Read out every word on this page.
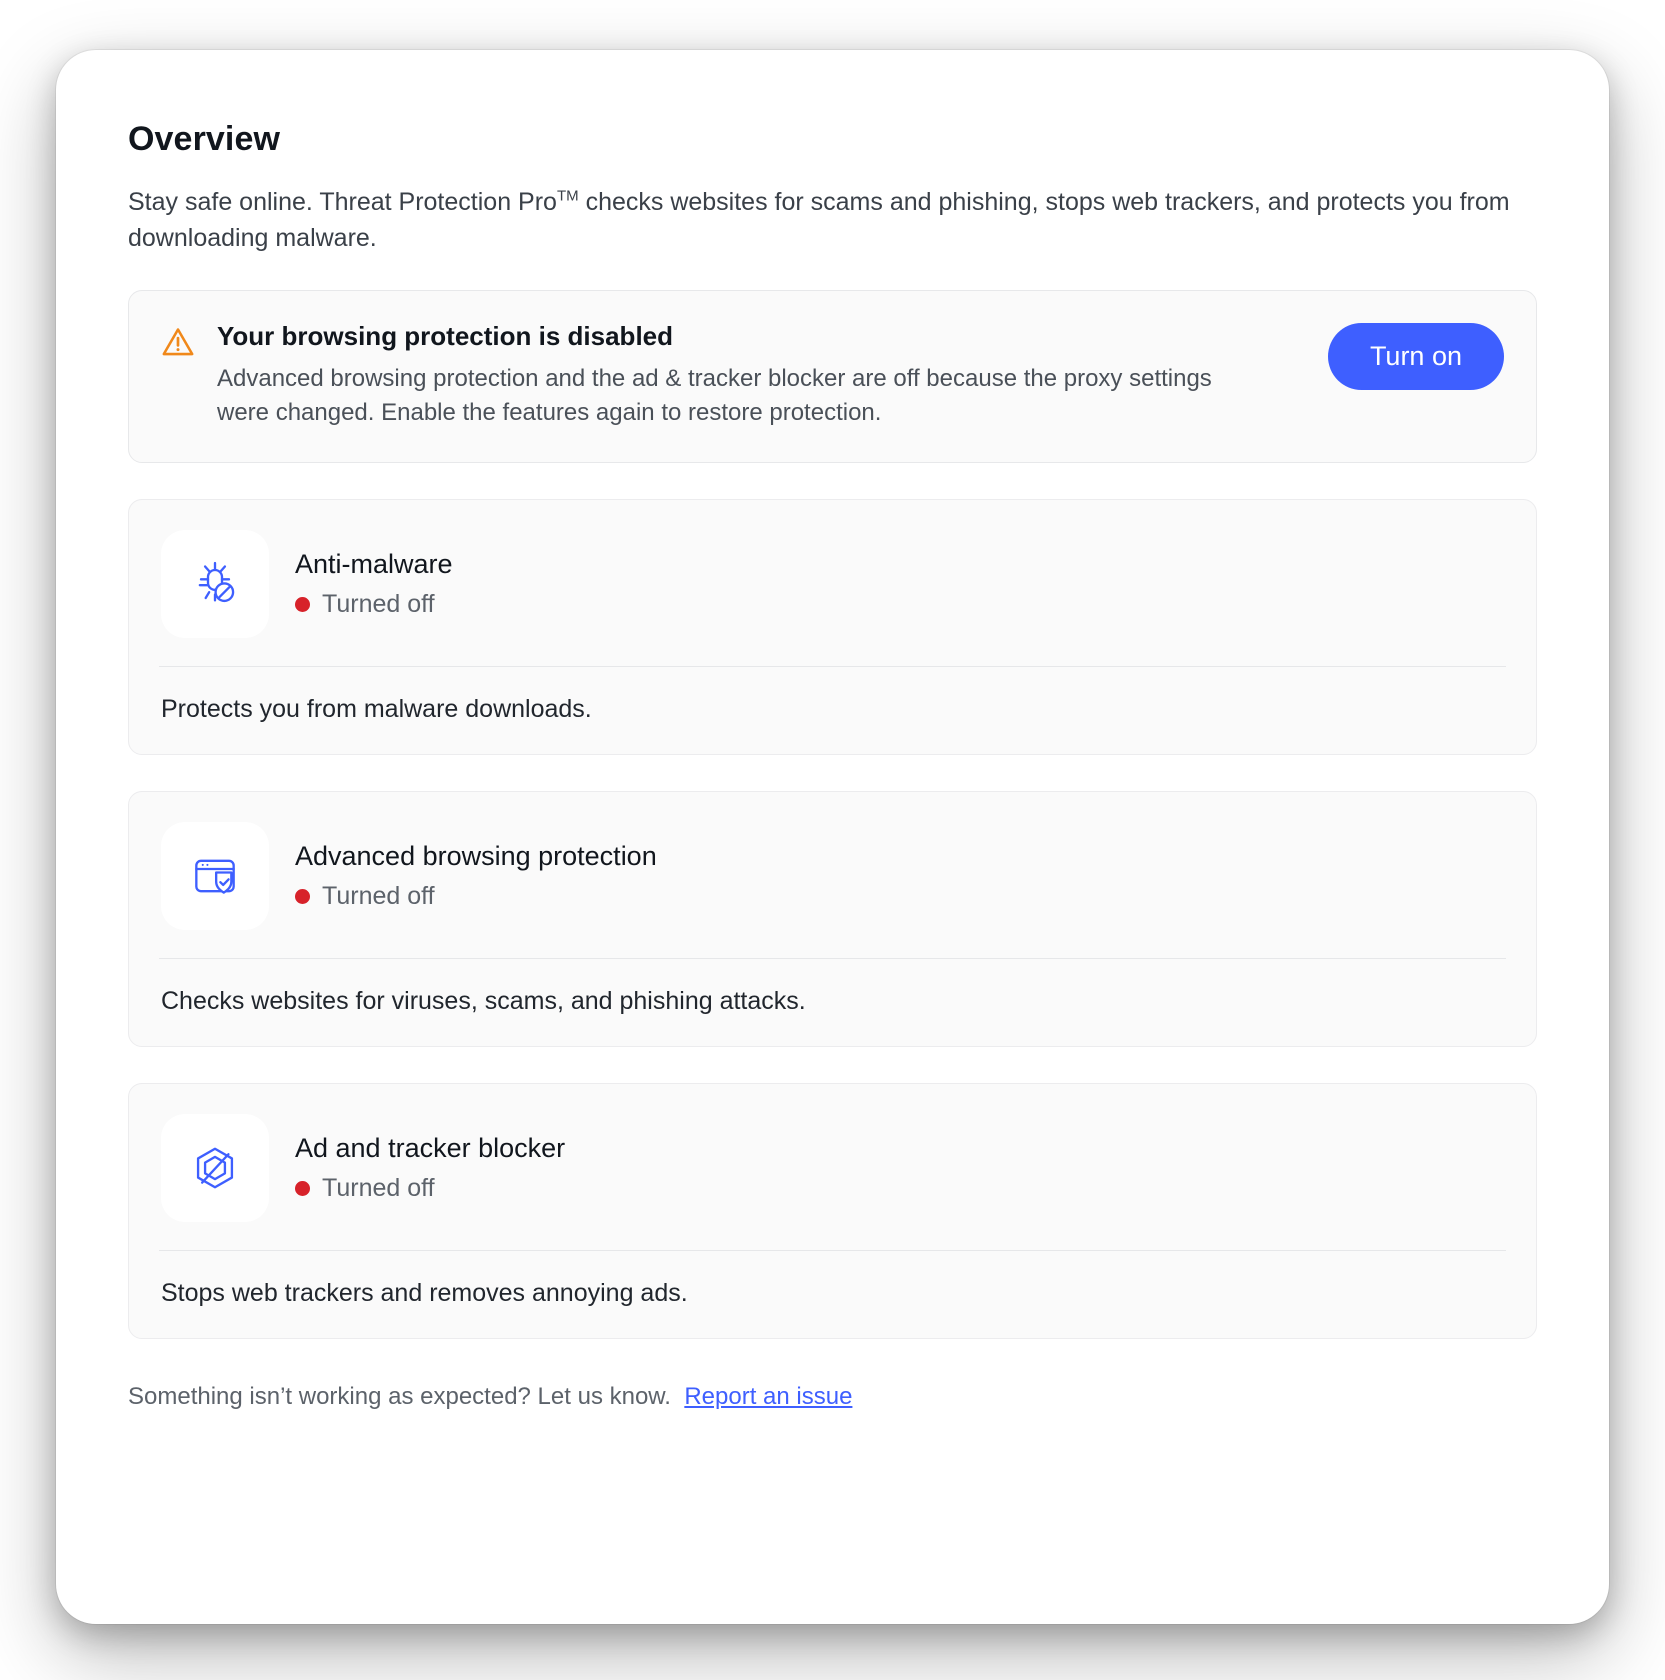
Overview

Stay safe online. Threat Protection Pro™ checks websites for scams and phishing, stops web trackers, and protects you from downloading malware.

Your browsing protection is disabled
Advanced browsing protection and the ad & tracker blocker are off because the proxy settings were changed. Enable the features again to restore protection.
Turn on
Anti-malware
Turned off
Protects you from malware downloads.
Advanced browsing protection
Turned off
Checks websites for viruses, scams, and phishing attacks.
Ad and tracker blocker
Turned off
Stops web trackers and removes annoying ads.
Something isn’t working as expected? Let us know. Report an issue
